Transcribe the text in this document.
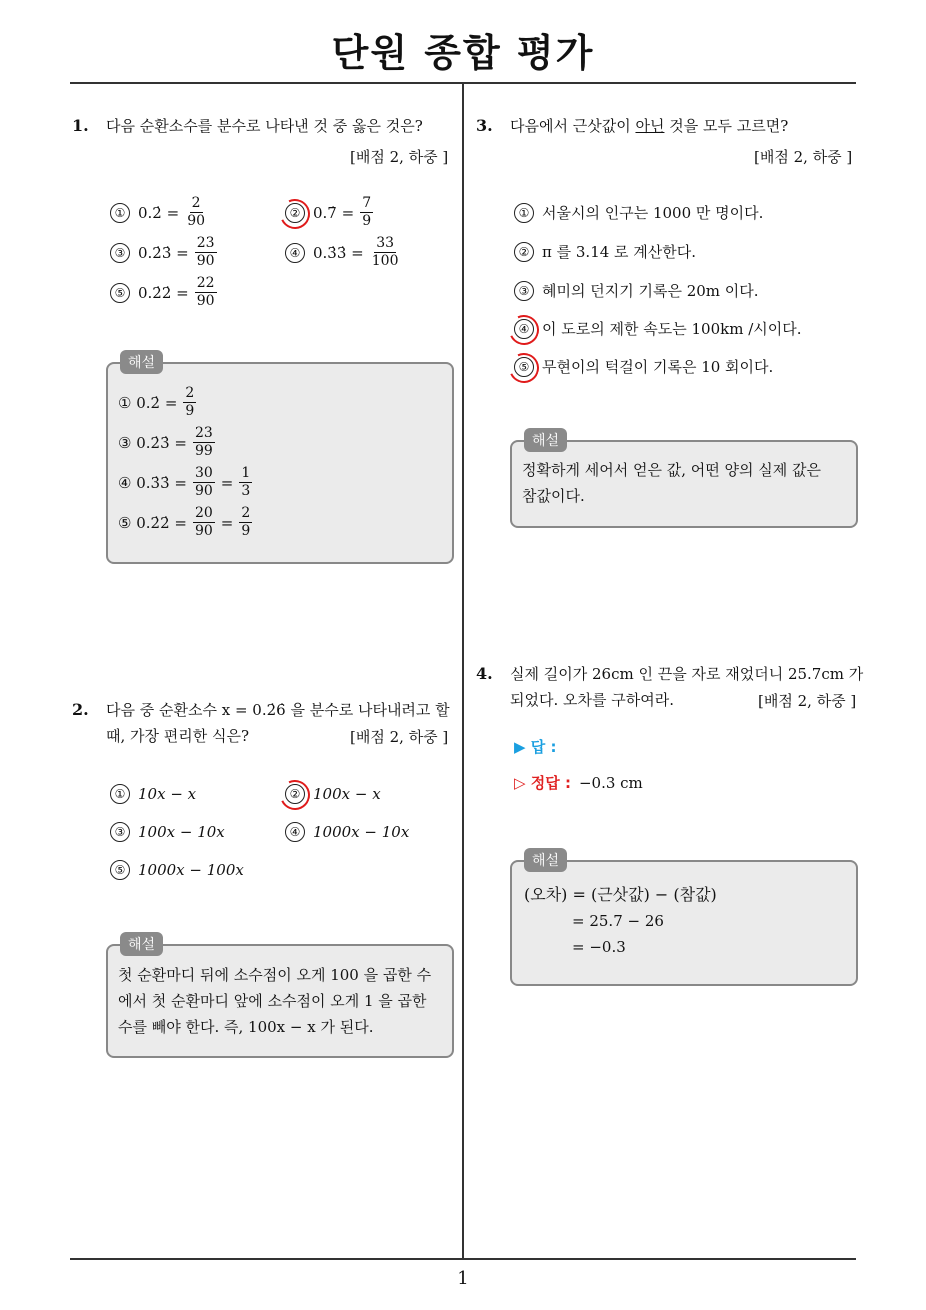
단원 종합 평가
1
1. 다음 순환소수를 분수로 나타낸 것 중 옳은 것은?
[배점 2, 하중 ]
① 0.2̇ = $\frac{2}{90}$	② 0.7̇ = $\frac{7}{9}$
③ 0.2̇3̇ = $\frac{23}{90}$	④ 0.3̇3̇ = $\frac{33}{100}$
⑤ 0.2̇2̇ = $\frac{22}{90}$
해설
① 0.2̇ = $\frac{2}{9}$
③ 0.2̇3̇ = $\frac{23}{99}$
④ 0.3̇3̇ = $\frac{30}{90} = \frac{1}{3}$
⑤ 0.2̇2̇ = $\frac{20}{90} = \frac{2}{9}$
2. 다음 중 순환소수 x = 0.2̇6̇ 을 분수로 나타내려고 할
때, 가장 편리한 식은?	[배점 2, 하중 ]
① 10x − x	② 100x − x
③ 100x − 10x	④ 1000x − 10x
⑤ 1000x − 100x
해설
첫 순환마디 뒤에 소수점이 오게 100 을 곱한 수
에서 첫 순환마디 앞에 소수점이 오게 1 을 곱한
수를 빼야 한다. 즉, 100x − x 가 된다.
3. 다음에서 근삿값이 아닌 것을 모두 고르면?
[배점 2, 하중 ]
① 서울시의 인구는 1000 만 명이다.
② π 를 3.14 로 계산한다.
③ 혜미의 던지기 기록은 20m 이다.
④ 이 도로의 제한 속도는 100km /시이다.
⑤ 무현이의 턱걸이 기록은 10 회이다.
해설
정확하게 세어서 얻은 값, 어떤 양의 실제 값은
참값이다.
4. 실제 길이가 26cm 인 끈을 자로 재었더니 25.7cm 가
되었다. 오차를 구하여라.	[배점 2, 하중 ]
▶ 답 :
▷ 정답 : −0.3 cm
해설
(오차) = (근삿값) − (참값)
= 25.7 − 26
= −0.3
